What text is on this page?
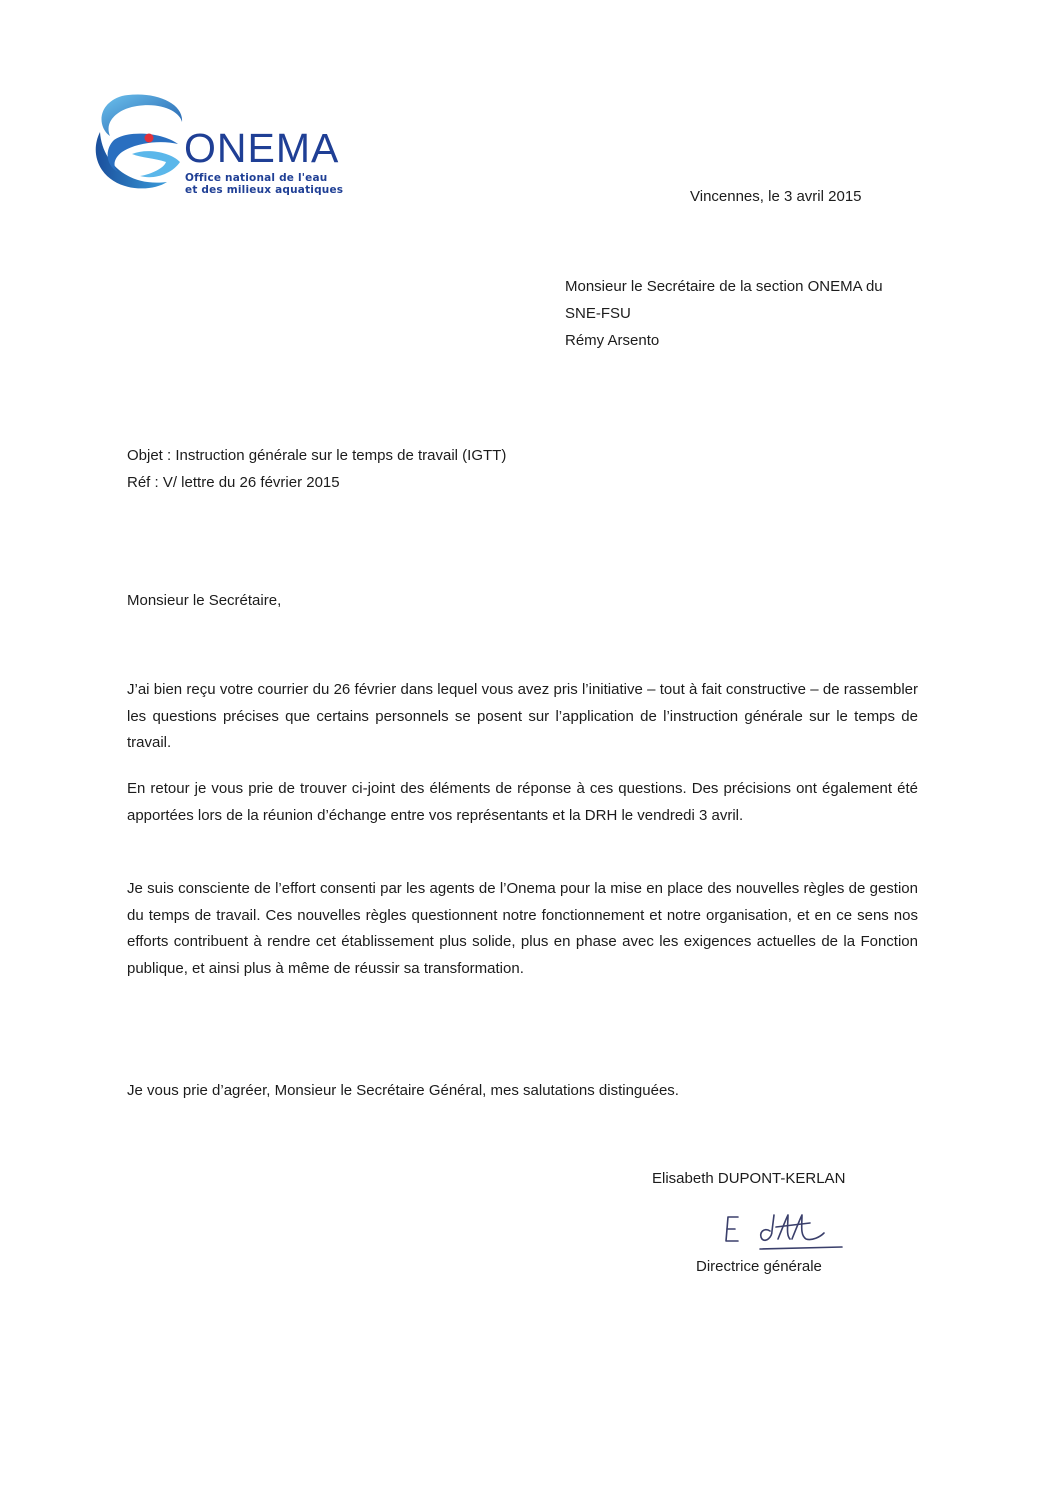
ONEMA
Office national de l'eau
et des milieux aquatiques	Vincennes, le 3 avril 2015
Monsieur le Secrétaire de la section ONEMA du
SNE-FSU
Rémy Arsento
Objet : Instruction générale sur le temps de travail (IGTT)
Réf : V/ lettre du 26 février 2015
Monsieur le Secrétaire,
J’ai bien reçu votre courrier du 26 février dans lequel vous avez pris l’initiative – tout à fait constructive – de rassembler les questions précises que certains personnels se posent sur l’application de l’instruction générale sur le temps de travail.
En retour je vous prie de trouver ci-joint des éléments de réponse à ces questions. Des précisions ont également été apportées lors de la réunion d’échange entre vos représentants et la DRH le vendredi 3 avril.
Je suis consciente de l’effort consenti par les agents de l’Onema pour la mise en place des nouvelles règles de gestion du temps de travail. Ces nouvelles règles questionnent notre fonctionnement et notre organisation, et en ce sens nos efforts contribuent à rendre cet établissement plus solide, plus en phase avec les exigences actuelles de la Fonction publique, et ainsi plus à même de réussir sa transformation.
Je vous prie d’agréer, Monsieur le Secrétaire Général, mes salutations distinguées.
Elisabeth DUPONT-KERLAN
Directrice générale
